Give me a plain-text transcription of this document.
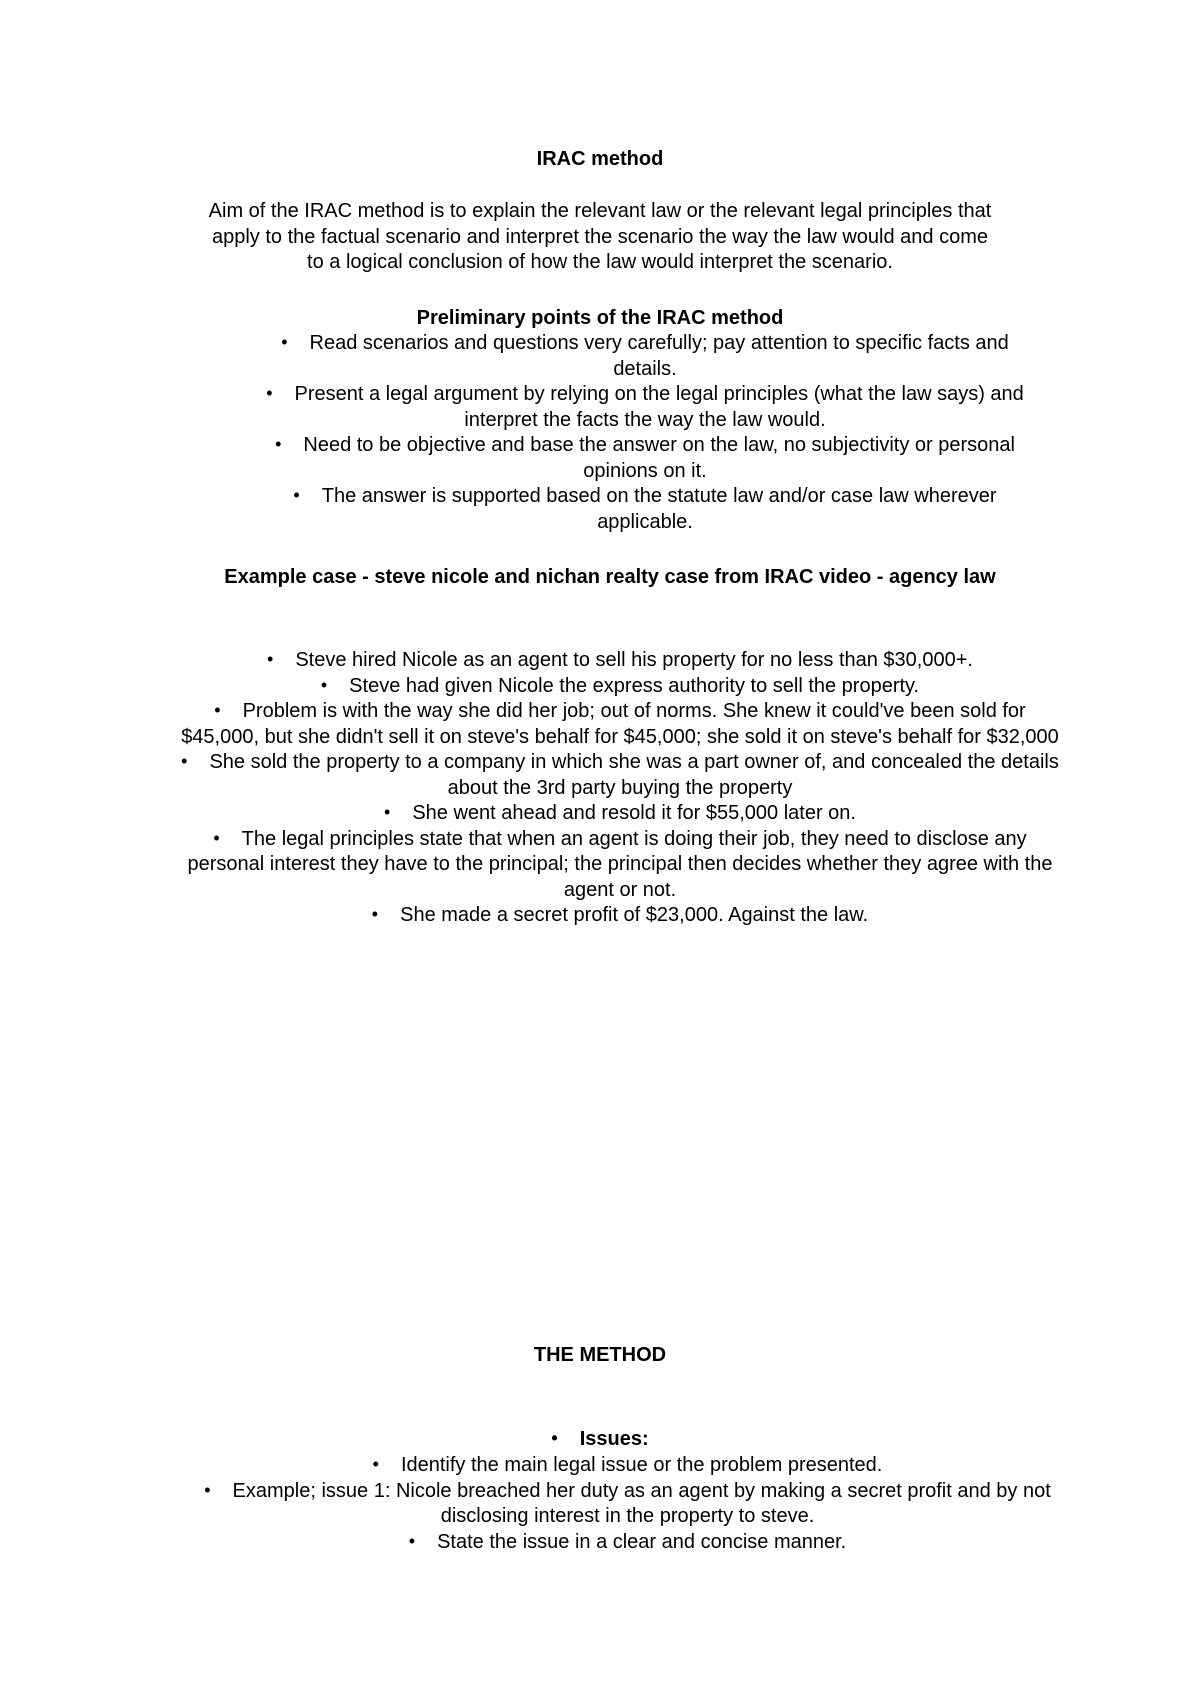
IRAC method

Aim of the IRAC method is to explain the relevant law or the relevant legal principles that apply to the factual scenario and interpret the scenario the way the law would and come to a logical conclusion of how the law would interpret the scenario.

Preliminary points of the IRAC method
• Read scenarios and questions very carefully; pay attention to specific facts and details.
• Present a legal argument by relying on the legal principles (what the law says) and interpret the facts the way the law would.
• Need to be objective and base the answer on the law, no subjectivity or personal opinions on it.
• The answer is supported based on the statute law and/or case law wherever applicable.
Example case - steve nicole and nichan realty case from IRAC video - agency law
• Steve hired Nicole as an agent to sell his property for no less than $30,000+.
• Steve had given Nicole the express authority to sell the property.
• Problem is with the way she did her job; out of norms. She knew it could've been sold for $45,000, but she didn't sell it on steve's behalf for $45,000; she sold it on steve's behalf for $32,000
• She sold the property to a company in which she was a part owner of, and concealed the details about the 3rd party buying the property
• She went ahead and resold it for $55,000 later on.
• The legal principles state that when an agent is doing their job, they need to disclose any personal interest they have to the principal; the principal then decides whether they agree with the agent or not.
• She made a secret profit of $23,000. Against the law.
THE METHOD
• Issues:
• Identify the main legal issue or the problem presented.
• Example; issue 1: Nicole breached her duty as an agent by making a secret profit and by not disclosing interest in the property to steve.
• State the issue in a clear and concise manner.
